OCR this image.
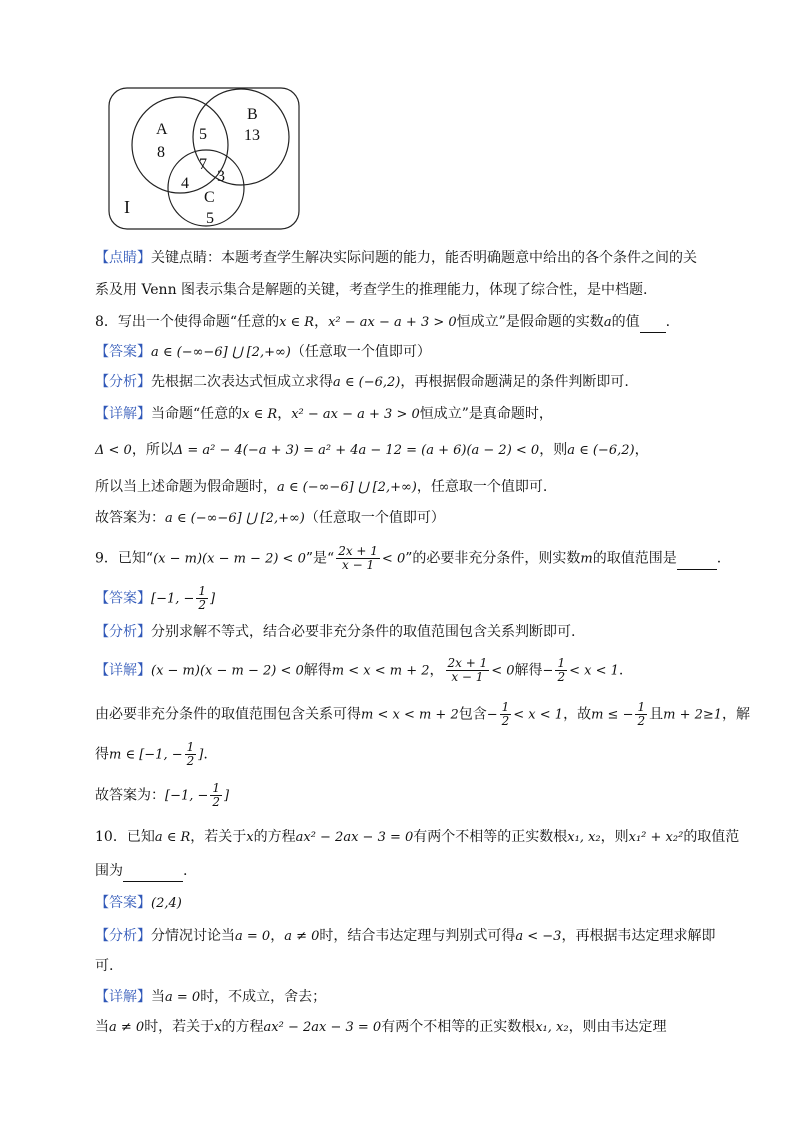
A
8
B
13
5
7
4 3
C
5
I
【点睛】关键点睛：本题考查学生解决实际问题的能力，能否明确题意中给出的各个条件之间的关
系及用 Venn 图表示集合是解题的关键，考查学生的推理能力，体现了综合性，是中档题.
8．写出一个使得命题“任意的x ∈ R，x² − ax − a + 3 > 0恒成立”是假命题的实数a的值 .
【答案】a ∈ (−∞−6] ⋃ [2,+∞)（任意取一个值即可）
【分析】先根据二次表达式恒成立求得a ∈ (−6,2)，再根据假命题满足的条件判断即可.
【详解】当命题“任意的x ∈ R，x² − ax − a + 3 > 0恒成立”是真命题时，
Δ < 0，所以Δ = a² − 4(−a + 3) = a² + 4a − 12 = (a + 6)(a − 2) < 0，则a ∈ (−6,2)，
所以当上述命题为假命题时，a ∈ (−∞−6] ⋃ [2,+∞)，任意取一个值即可.
故答案为：a ∈ (−∞−6] ⋃ [2,+∞)（任意取一个值即可）
9．已知“(x − m)(x − m − 2) < 0”是“ $\frac{2x + 1}{x - 1} < 0$”的必要非充分条件，则实数m的取值范围是	.
【答案】[−1, − $\frac{1}{2}$ ]
【分析】分别求解不等式，结合必要非充分条件的取值范围包含关系判断即可.
【详解】(x − m)(x − m − 2) < 0解得m < x < m + 2， $\frac{2x + 1}{x - 1} < 0$解得− $\frac{1}{2} < x < 1$.
由必要非充分条件的取值范围包含关系可得m < x < m + 2包含− $\frac{1}{2} < x < 1$，故m ≤ − $\frac{1}{2}$ 且m + 2≥1，解
得m ∈ [−1, − $\frac{1}{2}$ ].
故答案为：[−1, − $\frac{1}{2}$ ]
10．已知a ∈ R，若关于x的方程ax² − 2ax − 3 = 0有两个不相等的正实数根x₁, x₂，则x₁² + x₂²的取值范
围为	.
【答案】(2,4)
【分析】分情况讨论当a = 0，a ≠ 0时，结合韦达定理与判别式可得a < −3，再根据韦达定理求解即
可.
【详解】当a = 0时，不成立，舍去；
当a ≠ 0时，若关于x的方程ax² − 2ax − 3 = 0有两个不相等的正实数根x₁, x₂，则由韦达定理
